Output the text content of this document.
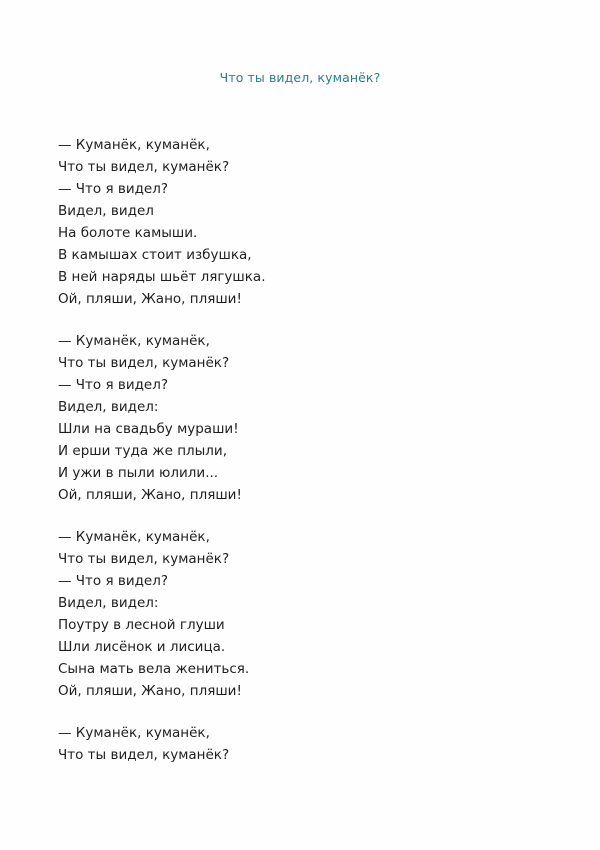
Что ты видел, куманёк?
— Куманёк, куманёк,
Что ты видел, куманёк?
— Что я видел?
Видел, видел
На болоте камыши.
В камышах стоит избушка,
В ней наряды шьёт лягушка.
Ой, пляши, Жано, пляши!
— Куманёк, куманёк,
Что ты видел, куманёк?
— Что я видел?
Видел, видел:
Шли на свадьбу мураши!
И ерши туда же плыли,
И ужи в пыли юлили...
Ой, пляши, Жано, пляши!
— Куманёк, куманёк,
Что ты видел, куманёк?
— Что я видел?
Видел, видел:
Поутру в лесной глуши
Шли лисёнок и лисица.
Сына мать вела жениться.
Ой, пляши, Жано, пляши!
— Куманёк, куманёк,
Что ты видел, куманёк?
